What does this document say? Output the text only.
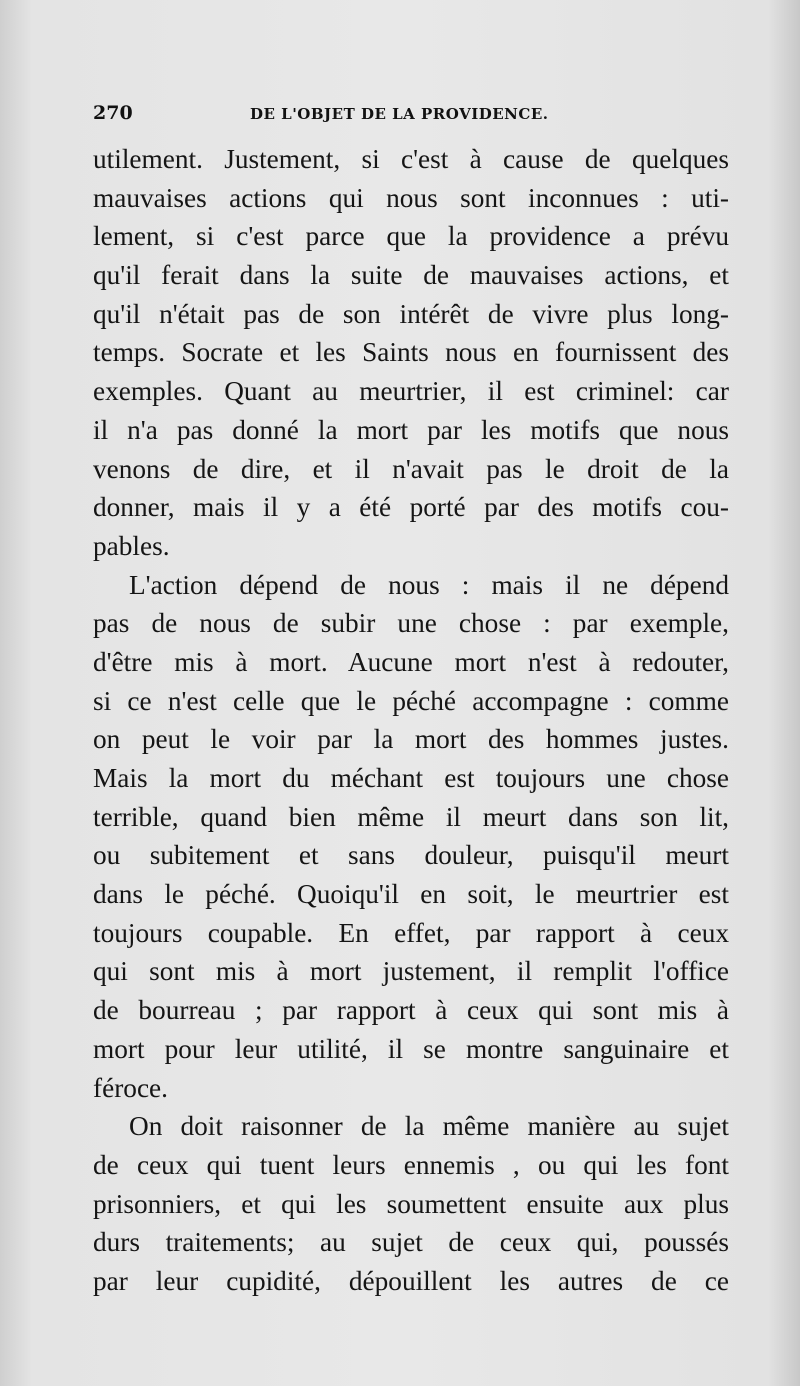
270	DE L'OBJET DE LA PROVIDENCE.
utilement. Justement, si c'est à cause de quelques
mauvaises actions qui nous sont inconnues : uti-
lement, si c'est parce que la providence a prévu
qu'il ferait dans la suite de mauvaises actions, et
qu'il n'était pas de son intérêt de vivre plus long-
temps. Socrate et les Saints nous en fournissent des
exemples. Quant au meurtrier, il est criminel: car
il n'a pas donné la mort par les motifs que nous
venons de dire, et il n'avait pas le droit de la
donner, mais il y a été porté par des motifs cou-
pables.
L'action dépend de nous : mais il ne dépend
pas de nous de subir une chose : par exemple,
d'être mis à mort. Aucune mort n'est à redouter,
si ce n'est celle que le péché accompagne : comme
on peut le voir par la mort des hommes justes.
Mais la mort du méchant est toujours une chose
terrible, quand bien même il meurt dans son lit,
ou subitement et sans douleur, puisqu'il meurt
dans le péché. Quoiqu'il en soit, le meurtrier est
toujours coupable. En effet, par rapport à ceux
qui sont mis à mort justement, il remplit l'office
de bourreau ; par rapport à ceux qui sont mis à
mort pour leur utilité, il se montre sanguinaire et
féroce.
On doit raisonner de la même manière au sujet
de ceux qui tuent leurs ennemis , ou qui les font
prisonniers, et qui les soumettent ensuite aux plus
durs traitements; au sujet de ceux qui, poussés
par leur cupidité, dépouillent les autres de ce
